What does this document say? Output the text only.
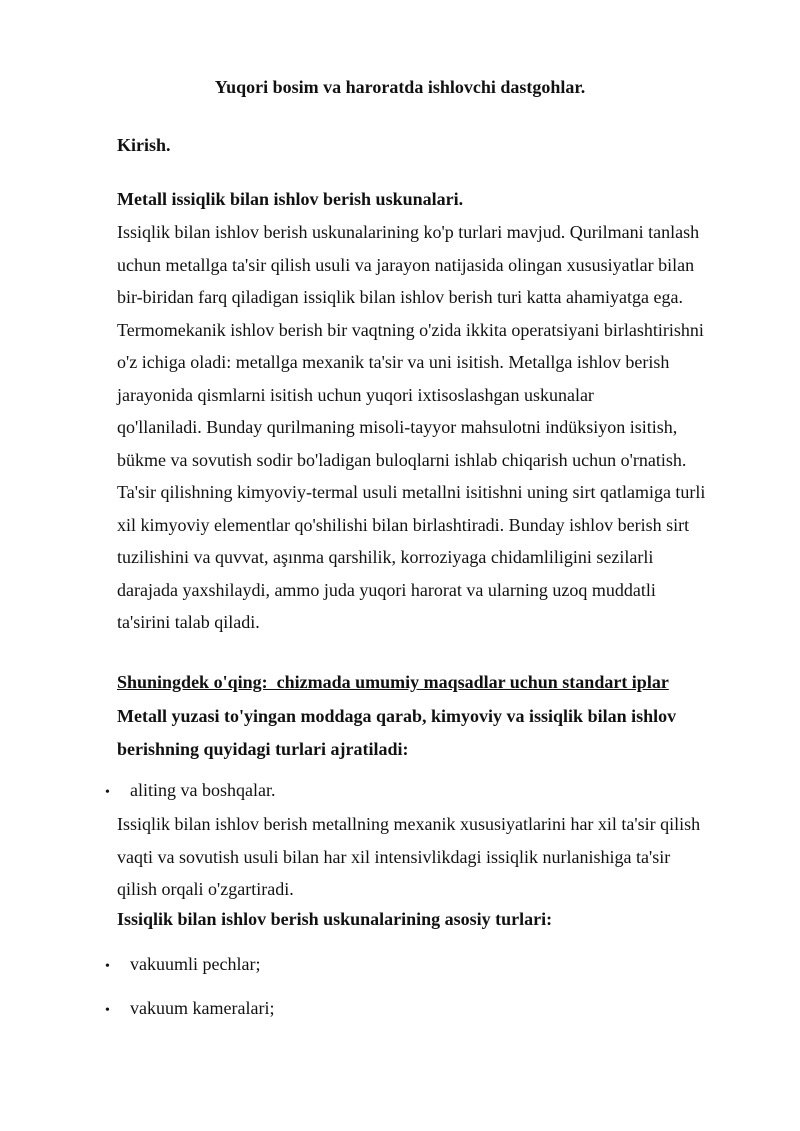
Yuqori bosim va haroratda ishlovchi dastgohlar.
Kirish.
Metall issiqlik bilan ishlov berish uskunalari.
Issiqlik bilan ishlov berish uskunalarining ko'p turlari mavjud. Qurilmani tanlash
uchun metallga ta'sir qilish usuli va jarayon natijasida olingan xususiyatlar bilan
bir-biridan farq qiladigan issiqlik bilan ishlov berish turi katta ahamiyatga ega.
Termomekanik ishlov berish bir vaqtning o'zida ikkita operatsiyani birlashtirishni
o'z ichiga oladi: metallga mexanik ta'sir va uni isitish. Metallga ishlov berish
jarayonida qismlarni isitish uchun yuqori ixtisoslashgan uskunalar
qo'llaniladi. Bunday qurilmaning misoli-tayyor mahsulotni indüksiyon isitish,
bükme va sovutish sodir bo'ladigan buloqlarni ishlab chiqarish uchun o'rnatish.
Ta'sir qilishning kimyoviy-termal usuli metallni isitishni uning sirt qatlamiga turli
xil kimyoviy elementlar qo'shilishi bilan birlashtiradi. Bunday ishlov berish sirt
tuzilishini va quvvat, aşınma qarshilik, korroziyaga chidamliligini sezilarli
darajada yaxshilaydi, ammo juda yuqori harorat va ularning uzoq muddatli
ta'sirini talab qiladi.
Shuningdek o'qing:  chizmada umumiy maqsadlar uchun standart iplar
Metall yuzasi to'yingan moddaga qarab, kimyoviy va issiqlik bilan ishlov
berishning quyidagi turlari ajratiladi:
• aliting va boshqalar.
Issiqlik bilan ishlov berish metallning mexanik xususiyatlarini har xil ta'sir qilish
vaqti va sovutish usuli bilan har xil intensivlikdagi issiqlik nurlanishiga ta'sir
qilish orqali o'zgartiradi.
Issiqlik bilan ishlov berish uskunalarining asosiy turlari:
• vakuumli pechlar;
• vakuum kameralari;
